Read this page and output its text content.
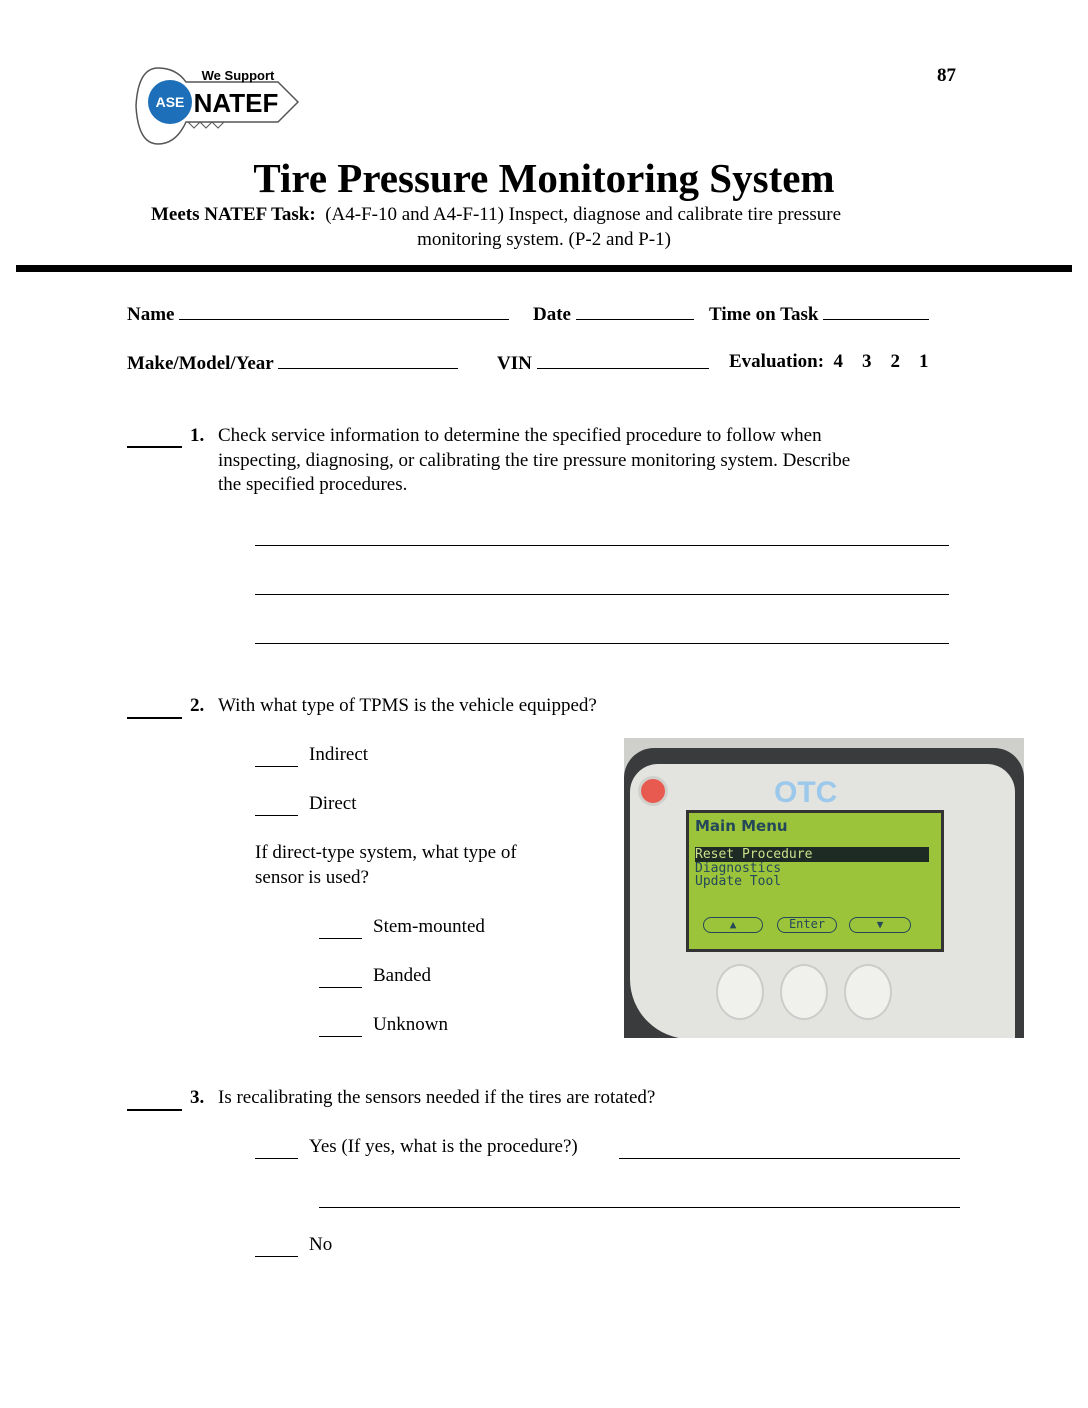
87
ASE
We Support
NATEF
Tire Pressure Monitoring System
Meets NATEF Task: (A4-F-10 and A4-F-11) Inspect, diagnose and calibrate tire pressure
monitoring system. (P-2 and P-1)
Name	Date	Time on Task
Make/Model/Year	VIN	Evaluation: 4 3 2 1
1. Check service information to determine the specified procedure to follow when
inspecting, diagnosing, or calibrating the tire pressure monitoring system. Describe
the specified procedures.
2. With what type of TPMS is the vehicle equipped?
Indirect
Direct
If direct-type system, what type of
sensor is used?
Stem-mounted
Banded
Unknown
OTC
Main Menu
Reset Procedure
Diagnostics
Update Tool
▲	Enter	▼
3. Is recalibrating the sensors needed if the tires are rotated?
Yes (If yes, what is the procedure?)
No
